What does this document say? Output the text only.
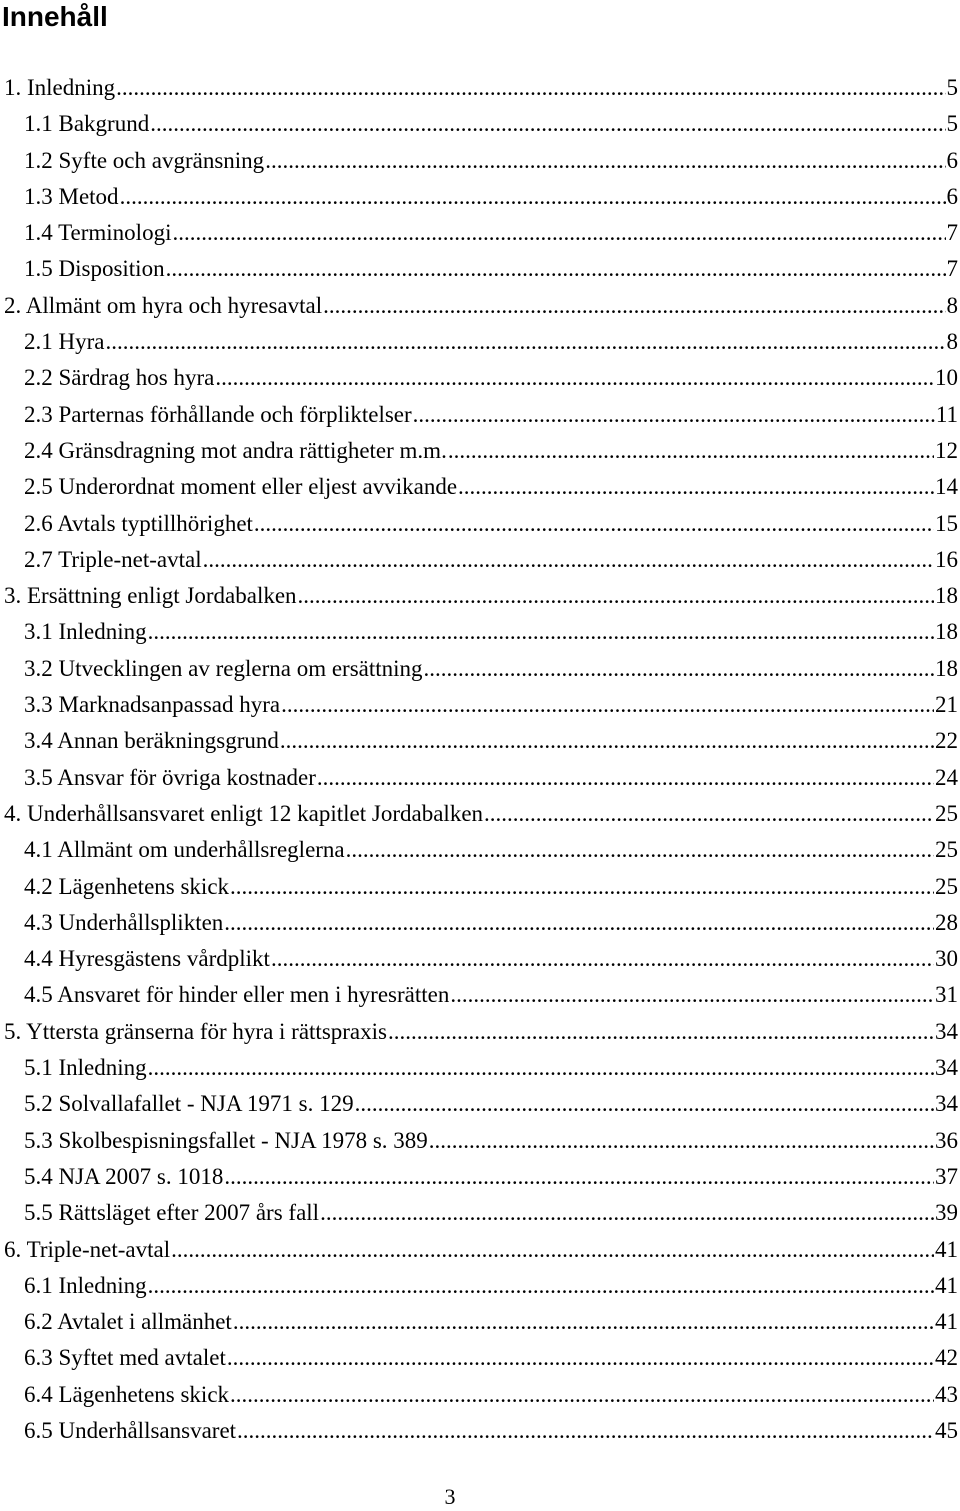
Innehåll
1. Inledning .....	5
1.1 Bakgrund .....	5
1.2 Syfte och avgränsning .....	6
1.3 Metod .....	6
1.4 Terminologi .....	7
1.5 Disposition .....	7
2. Allmänt om hyra och hyresavtal .....	8
2.1 Hyra .....	8
2.2 Särdrag hos hyra .....	10
2.3 Parternas förhållande och förpliktelser .....	11
2.4 Gränsdragning mot andra rättigheter m.m. .....	12
2.5 Underordnat moment eller eljest avvikande .....	14
2.6 Avtals typtillhörighet .....	15
2.7 Triple-net-avtal .....	16
3. Ersättning enligt Jordabalken .....	18
3.1 Inledning .....	18
3.2 Utvecklingen av reglerna om ersättning .....	18
3.3 Marknadsanpassad hyra .....	21
3.4 Annan beräkningsgrund .....	22
3.5 Ansvar för övriga kostnader .....	24
4. Underhållsansvaret enligt 12 kapitlet Jordabalken .....	25
4.1 Allmänt om underhållsreglerna .....	25
4.2 Lägenhetens skick .....	25
4.3 Underhållsplikten .....	28
4.4 Hyresgästens vårdplikt .....	30
4.5 Ansvaret för hinder eller men i hyresrätten .....	31
5. Yttersta gränserna för hyra i rättspraxis .....	34
5.1 Inledning .....	34
5.2 Solvallafallet - NJA 1971 s. 129 .....	34
5.3 Skolbespisningsfallet - NJA 1978 s. 389 .....	36
5.4 NJA 2007 s. 1018 .....	37
5.5 Rättsläget efter 2007 års fall .....	39
6. Triple-net-avtal .....	41
6.1 Inledning .....	41
6.2 Avtalet i allmänhet .....	41
6.3 Syftet med avtalet .....	42
6.4 Lägenhetens skick .....	43
6.5 Underhållsansvaret .....	45
3
